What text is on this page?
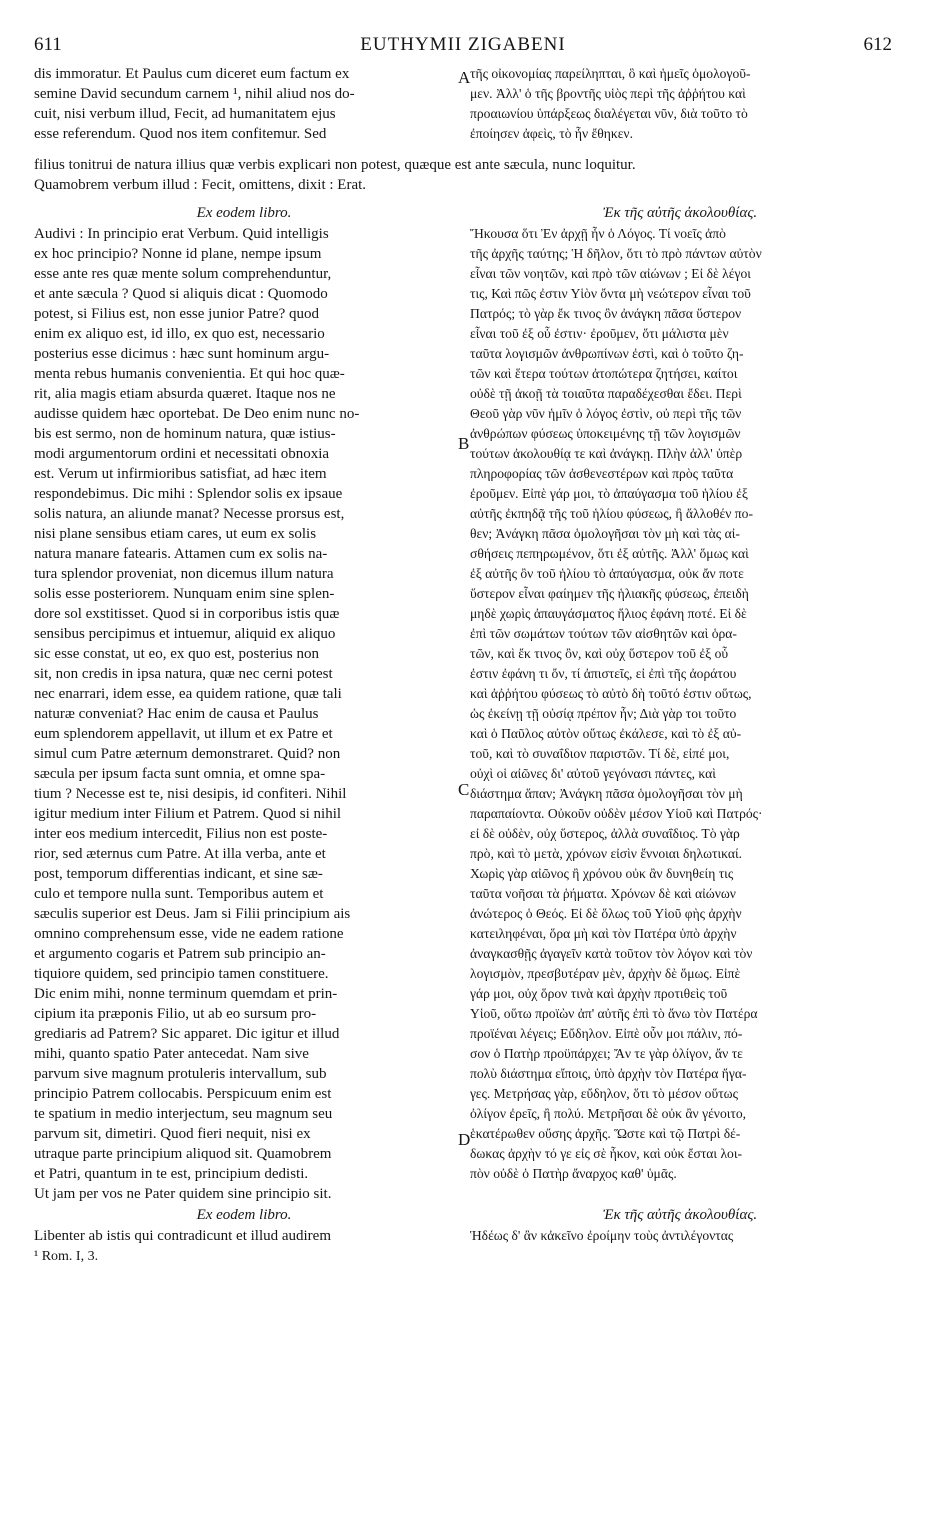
611	EUTHYMII ZIGABENI	612
dis immoratur. Et Paulus cum diceret eum factum ex
semine David secundum carnem ¹, nihil aliud nos do-
cuit, nisi verbum illud, Fecit, ad humanitatem ejus
esse referendum. Quod nos item confitemur. Sed
τῆς οἰκονομίας παρείληπται, ὃ καὶ ἡμεῖς ὁμολογοῦ-
μεν. Ἀλλ' ὁ τῆς βροντῆς υἱὸς περὶ τῆς ἀῤῥήτου καὶ
προαιωνίου ὑπάρξεως διαλέγεται νῦν, διὰ τοῦτο τὸ
ἐποίησεν ἀφεὶς, τὸ ἦν ἔθηκεν.
filius tonitrui de natura illius quæ verbis explicari non potest, quæque est ante sæcula, nunc loquitur.
Quamobrem verbum illud : Fecit, omittens, dixit : Erat.
Ex eodem libro.
Audivi : In principio erat Verbum. Quid intelligis
ex hoc principio? Nonne id plane, nempe ipsum
esse ante res quæ mente solum comprehenduntur,
et ante sæcula ? Quod si aliquis dicat : Quomodo
potest, si Filius est, non esse junior Patre? quod
enim ex aliquo est, id illo, ex quo est, necessario
posterius esse dicimus : hæc sunt hominum argu-
menta rebus humanis convenientia. Et qui hoc quæ-
rit, alia magis etiam absurda quæret. Itaque nos ne
audisse quidem hæc oportebat. De Deo enim nunc no-
bis est sermo, non de hominum natura, quæ istius-
modi argumentorum ordini et necessitati obnoxia
est. Verum ut infirmioribus satisfiat, ad hæc item
respondebimus. Dic mihi : Splendor solis ex ipsaue
solis natura, an aliunde manat? Necesse prorsus est,
nisi plane sensibus etiam cares, ut eum ex solis
natura manare fatearis. Attamen cum ex solis na-
tura splendor proveniat, non dicemus illum natura
solis esse posteriorem. Nunquam enim sine splen-
dore sol exstitisset. Quod si in corporibus istis quæ
sensibus percipimus et intuemur, aliquid ex aliquo
sic esse constat, ut eo, ex quo est, posterius non
sit, non credis in ipsa natura, quæ nec cerni potest
nec enarrari, idem esse, ea quidem ratione, quæ tali
naturæ conveniat? Hac enim de causa et Paulus
eum splendorem appellavit, ut illum et ex Patre et
simul cum Patre æternum demonstraret. Quid? non
sæcula per ipsum facta sunt omnia, et omne spa-
tium ? Necesse est te, nisi desipis, id confiteri. Nihil
igitur medium inter Filium et Patrem. Quod si nihil
inter eos medium intercedit, Filius non est poste-
rior, sed æternus cum Patre. At illa verba, ante et
post, temporum differentias indicant, et sine sæ-
culo et tempore nulla sunt. Temporibus autem et
sæculis superior est Deus. Jam si Filii principium ais
omnino comprehensum esse, vide ne eadem ratione
et argumento cogaris et Patrem sub principio an-
tiquiore quidem, sed principio tamen constituere.
Dic enim mihi, nonne terminum quemdam et prin-
cipium ita præponis Filio, ut ab eo sursum pro-
grediaris ad Patrem? Sic apparet. Dic igitur et illud
mihi, quanto spatio Pater antecedat. Nam sive
parvum sive magnum protuleris intervallum, sub
principio Patrem collocabis. Perspicuum enim est
te spatium in medio interjectum, seu magnum seu
parvum sit, dimetiri. Quod fieri nequit, nisi ex
utraque parte principium aliquod sit. Quamobrem
et Patri, quantum in te est, principium dedisti.
Ut jam per vos ne Pater quidem sine principio sit.
Ex eodem libro.
Libenter ab istis qui contradicunt et illud audirem
¹ Rom. I, 3.
Ἐκ τῆς αὐτῆς ἀκολουθίας.
Ἤκουσα ὅτι Ἐν ἀρχῇ ἦν ὁ Λόγος. Τί νοεῖς ἀπὸ
τῆς ἀρχῆς ταύτης; Ἡ δῆλον, ὅτι τὸ πρὸ πάντων αὐτὸν
εἶναι τῶν νοητῶν, καὶ πρὸ τῶν αἰώνων ; Εἰ δὲ λέγοι
τις, Καὶ πῶς ἐστιν Υἱὸν ὄντα μὴ νεώτερον εἶναι τοῦ
Πατρός; τὸ γὰρ ἔκ τινος ὂν ἀνάγκη πᾶσα ὕστερον
εἶναι τοῦ ἐξ οὗ ἐστιν· ἐροῦμεν, ὅτι μάλιστα μὲν
ταῦτα λογισμῶν ἀνθρωπίνων ἐστὶ, καὶ ὁ τοῦτο ζη-
τῶν καὶ ἕτερα τούτων ἀτοπώτερα ζητήσει, καίτοι
οὐδὲ τῇ ἀκοῇ τὰ τοιαῦτα παραδέχεσθαι ἔδει. Περὶ
Θεοῦ γὰρ νῦν ἡμῖν ὁ λόγος ἐστὶν, οὐ περὶ τῆς τῶν
ἀνθρώπων φύσεως ὑποκειμένης τῇ τῶν λογισμῶν
τούτων ἀκολουθίᾳ τε καὶ ἀνάγκῃ. Πλὴν ἀλλ' ὑπὲρ
πληροφορίας τῶν ἀσθενεστέρων καὶ πρὸς ταῦτα
ἐροῦμεν. Εἰπὲ γάρ μοι, τὸ ἀπαύγασμα τοῦ ἡλίου ἐξ
αὐτῆς ἐκπηδᾷ τῆς τοῦ ἡλίου φύσεως, ἢ ἄλλοθέν πο-
θεν; Ἀνάγκη πᾶσα ὁμολογῆσαι τὸν μὴ καὶ τὰς αἰ-
σθήσεις πεπηρωμένον, ὅτι ἐξ αὐτῆς. Ἀλλ' ὅμως καὶ
ἐξ αὐτῆς ὂν τοῦ ἡλίου τὸ ἀπαύγασμα, οὐκ ἄν ποτε
ὕστερον εἶναι φαίημεν τῆς ἡλιακῆς φύσεως, ἐπειδὴ
μηδὲ χωρὶς ἀπαυγάσματος ἥλιος ἐφάνη ποτέ. Εἰ δὲ
ἐπὶ τῶν σωμάτων τούτων τῶν αἰσθητῶν καὶ ὁρα-
τῶν, καὶ ἔκ τινος ὂν, καὶ οὐχ ὕστερον τοῦ ἐξ οὗ
ἐστιν ἐφάνη τι ὄν, τί ἀπιστεῖς, εἰ ἐπὶ τῆς ἀοράτου
καὶ ἀῤῥήτου φύσεως τὸ αὐτὸ δὴ τοῦτό ἐστιν οὕτως,
ὡς ἐκείνῃ τῇ οὐσίᾳ πρέπον ἦν; Διὰ γὰρ τοι τοῦτο
καὶ ὁ Παῦλος αὐτὸν οὕτως ἐκάλεσε, καὶ τὸ ἐξ αὐ-
τοῦ, καὶ τὸ συναΐδιον παριστῶν. Τί δὲ, εἰπέ μοι,
οὐχὶ οἱ αἰῶνες δι' αὐτοῦ γεγόνασι πάντες, καὶ
διάστημα ἅπαν; Ἀνάγκη πᾶσα ὁμολογῆσαι τὸν μὴ
παραπαίοντα. Οὐκοῦν οὐδὲν μέσον Υἱοῦ καὶ Πατρός·
εἰ δὲ οὐδὲν, οὐχ ὕστερος, ἀλλὰ συναΐδιος. Τὸ γὰρ
πρὸ, καὶ τὸ μετὰ, χρόνων εἰσὶν ἔννοιαι δηλωτικαί.
Χωρὶς γὰρ αἰῶνος ἢ χρόνου οὐκ ἂν δυνηθείη τις
ταῦτα νοῆσαι τὰ ῥήματα. Χρόνων δὲ καὶ αἰώνων
ἀνώτερος ὁ Θεός. Εἰ δὲ ὅλως τοῦ Υἱοῦ φὴς ἀρχὴν
κατειληφέναι, ὅρα μὴ καὶ τὸν Πατέρα ὑπὸ ἀρχὴν
ἀναγκασθῇς ἀγαγεῖν κατὰ τοῦτον τὸν λόγον καὶ τὸν
λογισμὸν, πρεσβυτέραν μὲν, ἀρχὴν δὲ ὅμως. Εἰπὲ
γάρ μοι, οὐχ ὅρον τινὰ καὶ ἀρχὴν προτιθεὶς τοῦ
Υἱοῦ, οὕτω προϊὼν ἀπ' αὐτῆς ἐπὶ τὸ ἄνω τὸν Πατέρα
προϊέναι λέγεις; Εὔδηλον. Εἰπὲ οὖν μοι πάλιν, πό-
σον ὁ Πατὴρ προϋπάρχει; Ἄν τε γὰρ ὀλίγον, ἄν τε
πολὺ διάστημα εἴποις, ὑπὸ ἀρχὴν τὸν Πατέρα ἤγα-
γες. Μετρήσας γὰρ, εὔδηλον, ὅτι τὸ μέσον οὕτως
ὀλίγον ἐρεῖς, ἢ πολύ. Μετρῆσαι δὲ οὐκ ἂν γένοιτο,
ἑκατέρωθεν οὔσης ἀρχῆς. Ὥστε καὶ τῷ Πατρὶ δέ-
δωκας ἀρχὴν τό γε εἰς σὲ ἧκον, καὶ οὐκ ἔσται λοι-
πὸν οὐδὲ ὁ Πατὴρ ἄναρχος καθ' ὑμᾶς.
Ἐκ τῆς αὐτῆς ἀκολουθίας.
Ἡδέως δ' ἂν κἀκεῖνο ἐροίμην τοὺς ἀντιλέγοντας
A
B
C
D
